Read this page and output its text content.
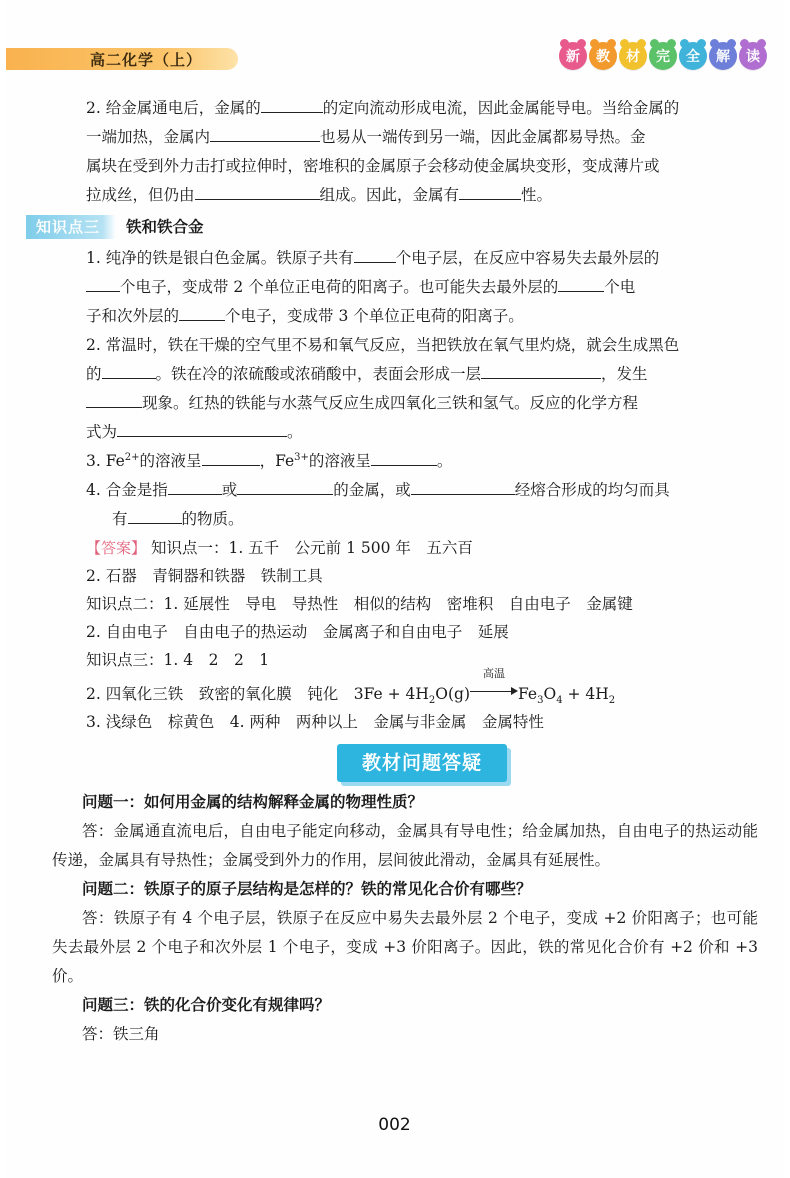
高二化学（上）	新	教	材	完	全	解	读

2. 给金属通电后，金属的	的定向流动形成电流，因此金属能导电。当给金属的

一端加热，金属内	也易从一端传到另一端，因此金属都易导热。金

属块在受到外力击打或拉伸时，密堆积的金属原子会移动使金属块变形，变成薄片或

拉成丝，但仍由	组成。因此，金属有	性。

知识点三	铁和铁合金

1. 纯净的铁是银白色金属。铁原子共有	个电子层，在反应中容易失去最外层的

个电子，变成带 2 个单位正电荷的阳离子。也可能失去最外层的	个电

子和次外层的	个电子，变成带 3 个单位正电荷的阳离子。

2. 常温时，铁在干燥的空气里不易和氧气反应，当把铁放在氧气里灼烧，就会生成黑色

的	。铁在冷的浓硫酸或浓硝酸中，表面会形成一层	，发生

现象。红热的铁能与水蒸气反应生成四氧化三铁和氢气。反应的化学方程

式为	。

3. $Fe^{2+}$的溶液呈	，$Fe^{3+}$的溶液呈	。

4. 合金是指	或	的金属，或	经熔合形成的均匀而具

有	的物质。

【答案】 知识点一：1. 五千　公元前 1 500 年　五六百

2. 石器　青铜器和铁器　铁制工具

知识点二：1. 延展性　导电　导热性　相似的结构　密堆积　自由电子　金属键

2. 自由电子　自由电子的热运动　金属离子和自由电子　延展

知识点三：1. 4　2　2　1

2. 四氧化三铁　致密的氧化膜　钝化　$3Fe + 4H_2O(g)$
高温
$Fe_3O_4 + 4H_2$

3. 浅绿色　棕黄色　4. 两种　两种以上　金属与非金属　金属特性

教材问题答疑

问题一：如何用金属的结构解释金属的物理性质？

答：金属通直流电后，自由电子能定向移动，金属具有导电性；给金属加热，自由电子的热运动能传递，金属具有导热性；金属受到外力的作用，层间彼此滑动，金属具有延展性。

问题二：铁原子的原子层结构是怎样的？铁的常见化合价有哪些？

答：铁原子有 4 个电子层，铁原子在反应中易失去最外层 2 个电子，变成 +2 价阳离子；也可能失去最外层 2 个电子和次外层 1 个电子，变成 +3 价阳离子。因此，铁的常见化合价有 +2 价和 +3 价。

问题三：铁的化合价变化有规律吗？

答：铁三角

002
